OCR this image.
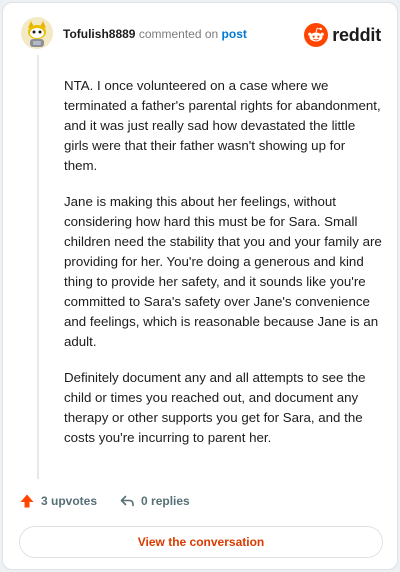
Tofulish8889 commented on post	reddit

NTA. I once volunteered on a case where we terminated a father's parental rights for abandonment, and it was just really sad how devastated the little girls were that their father wasn't showing up for them.

Jane is making this about her feelings, without considering how hard this must be for Sara. Small children need the stability that you and your family are providing for her. You're doing a generous and kind thing to provide her safety, and it sounds like you're committed to Sara's safety over Jane's convenience and feelings, which is reasonable because Jane is an adult.

Definitely document any and all attempts to see the child or times you reached out, and document any therapy or other supports you get for Sara, and the costs you're incurring to parent her.

3 upvotes	0 replies
View the conversation
